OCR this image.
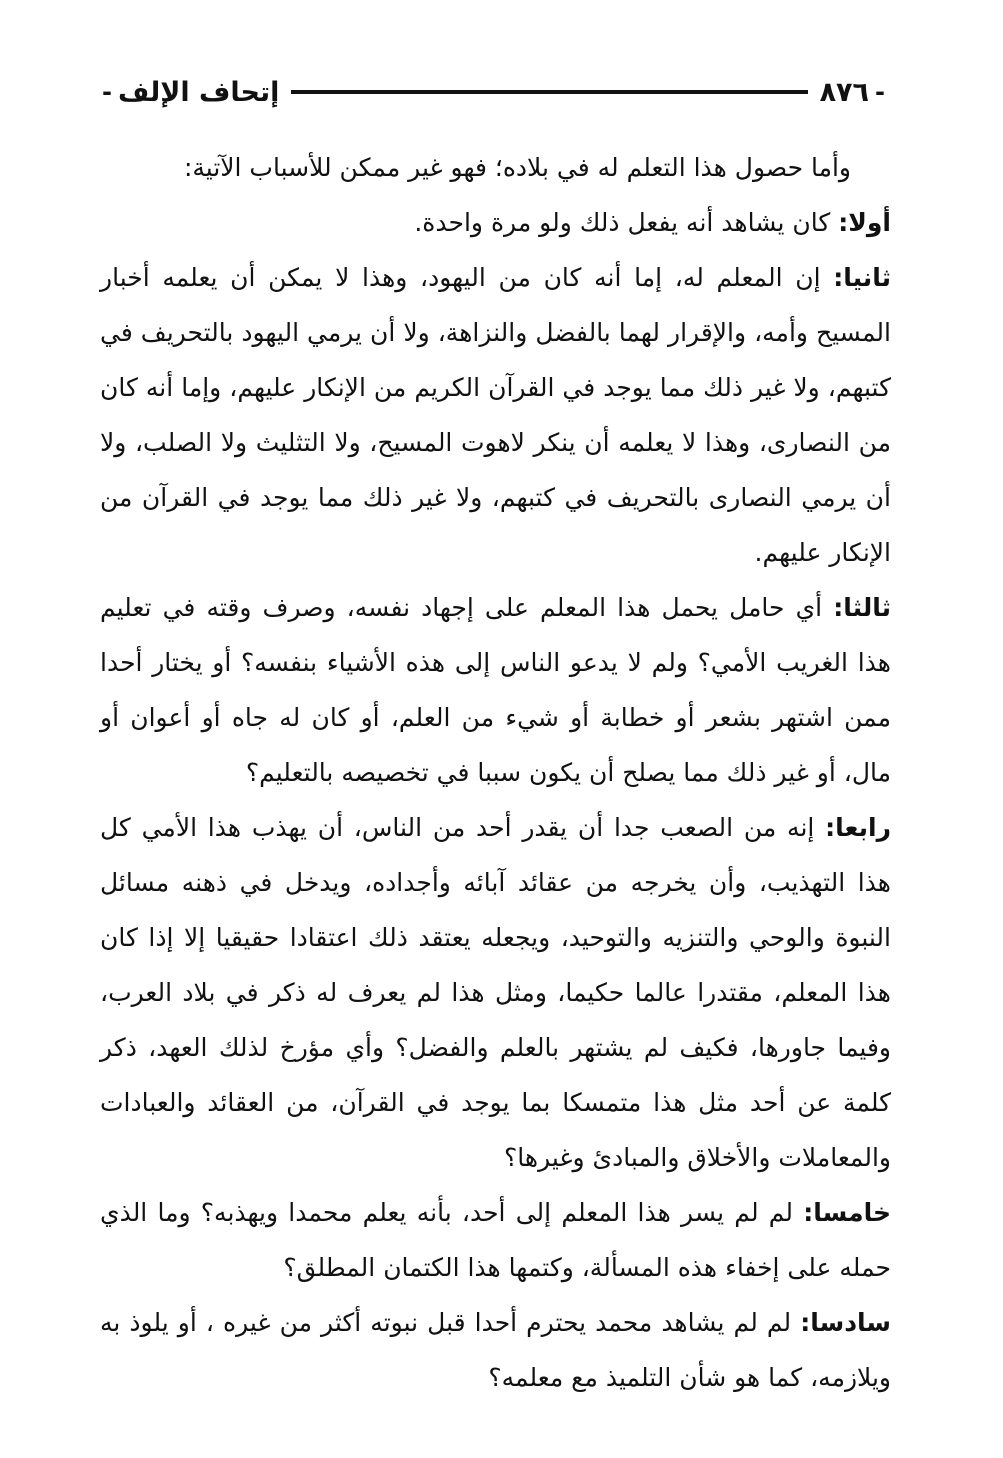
-
٨٧٦
إتحاف الإلف
-

وأما حصول هذا التعلم له في بلاده؛ فهو غير ممكن للأسباب الآتية:

أولا: كان يشاهد أنه يفعل ذلك ولو مرة واحدة.

ثانيا: إن المعلم له، إما أنه كان من اليهود، وهذا لا يمكن أن يعلمه أخبار المسيح وأمه، والإقرار لهما بالفضل والنزاهة، ولا أن يرمي اليهود بالتحريف في كتبهم، ولا غير ذلك مما يوجد في القرآن الكريم من الإنكار عليهم، وإما أنه كان من النصارى، وهذا لا يعلمه أن ينكر لاهوت المسيح، ولا التثليث ولا الصلب، ولا أن يرمي النصارى بالتحريف في كتبهم، ولا غير ذلك مما يوجد في القرآن من الإنكار عليهم.

ثالثا: أي حامل يحمل هذا المعلم على إجهاد نفسه، وصرف وقته في تعليم هذا الغريب الأمي؟ ولم لا يدعو الناس إلى هذه الأشياء بنفسه؟ أو يختار أحدا ممن اشتهر بشعر أو خطابة أو شيء من العلم، أو كان له جاه أو أعوان أو مال، أو غير ذلك مما يصلح أن يكون سببا في تخصيصه بالتعليم؟

رابعا: إنه من الصعب جدا أن يقدر أحد من الناس، أن يهذب هذا الأمي كل هذا التهذيب، وأن يخرجه من عقائد آبائه وأجداده، ويدخل في ذهنه مسائل النبوة والوحي والتنزيه والتوحيد، ويجعله يعتقد ذلك اعتقادا حقيقيا إلا إذا كان هذا المعلم، مقتدرا عالما حكيما، ومثل هذا لم يعرف له ذكر في بلاد العرب، وفيما جاورها، فكيف لم يشتهر بالعلم والفضل؟ وأي مؤرخ لذلك العهد، ذكر كلمة عن أحد مثل هذا متمسكا بما يوجد في القرآن، من العقائد والعبادات والمعاملات والأخلاق والمبادئ وغيرها؟

خامسا: لم لم يسر هذا المعلم إلى أحد، بأنه يعلم محمدا ويهذبه؟ وما الذي حمله على إخفاء هذه المسألة، وكتمها هذا الكتمان المطلق؟

سادسا: لم لم يشاهد محمد يحترم أحدا قبل نبوته أكثر من غيره ، أو يلوذ به ويلازمه، كما هو شأن التلميذ مع معلمه؟
